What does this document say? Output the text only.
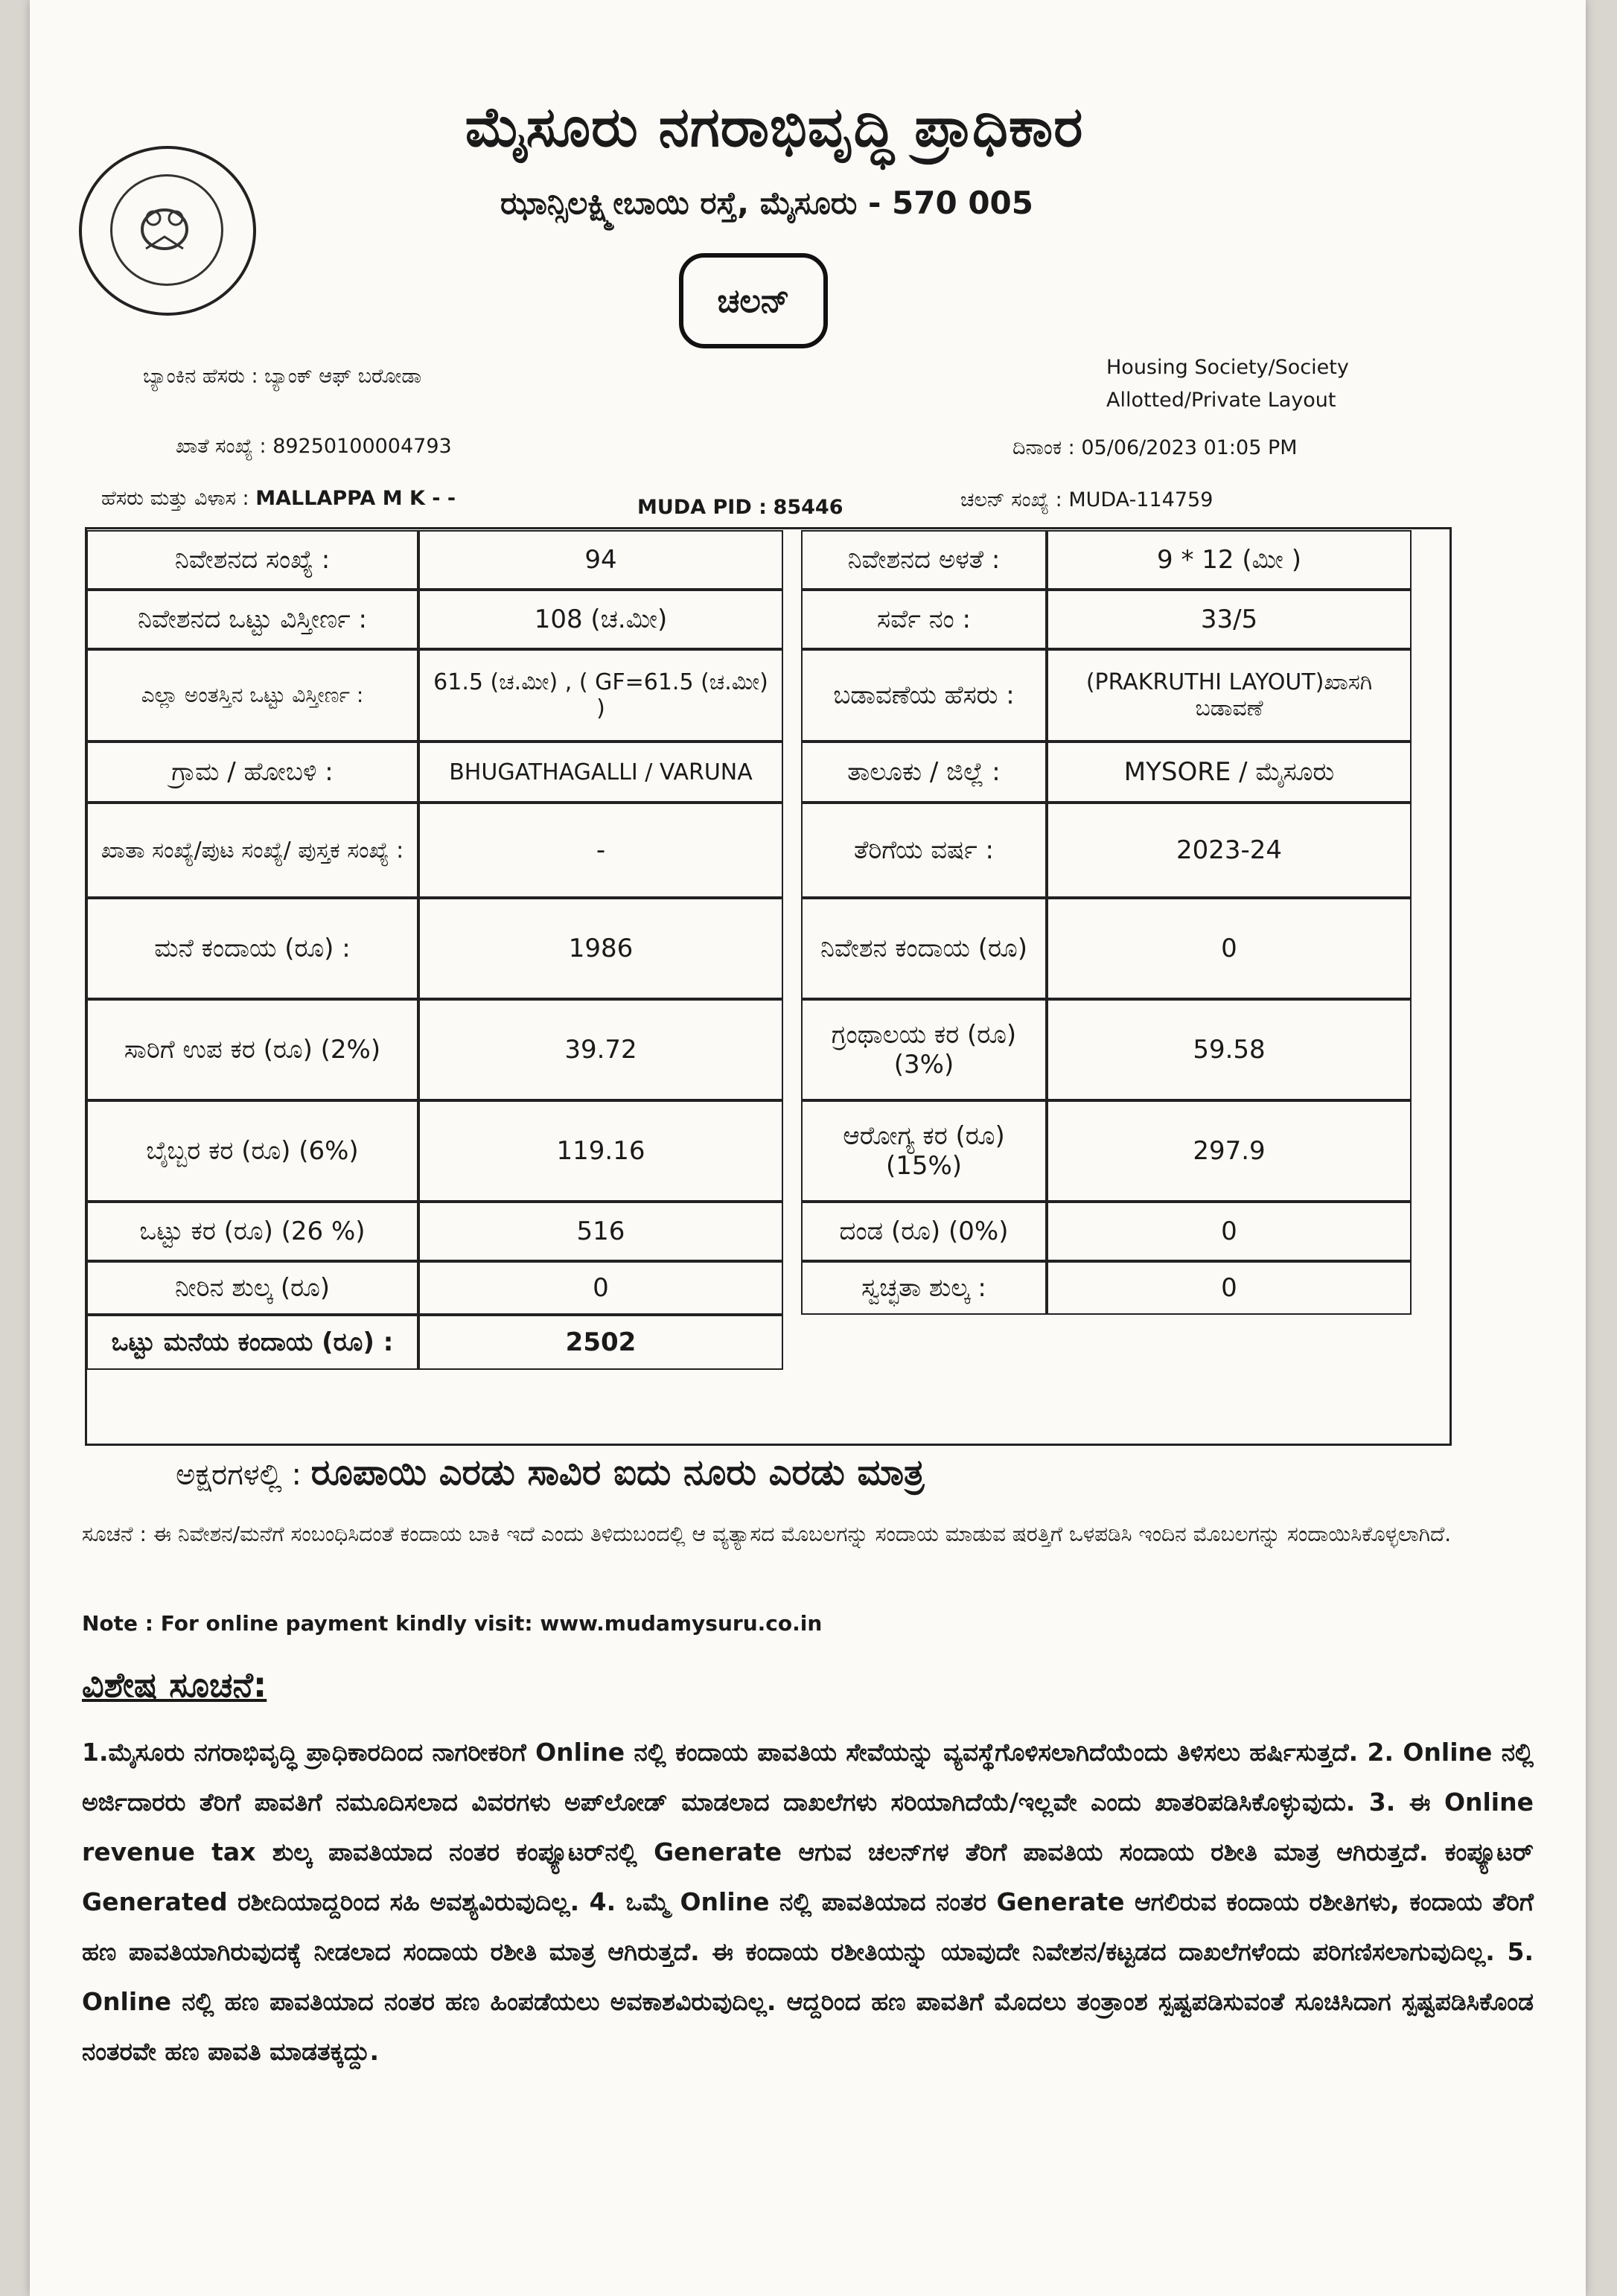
ಮೈಸೂರು ನಗರಾಭಿವೃದ್ಧಿ ಪ್ರಾಧಿಕಾರ
ಝಾನ್ಸಿಲಕ್ಷ್ಮೀಬಾಯಿ ರಸ್ತೆ, ಮೈಸೂರು - 570 005
ಚಲನ್
ಬ್ಯಾಂಕಿನ ಹೆಸರು : ಬ್ಯಾಂಕ್ ಆಫ್ ಬರೋಡಾ	Housing Society/Society
Allotted/Private Layout
ಖಾತೆ ಸಂಖ್ಯೆ : 89250100004793	ದಿನಾಂಕ : 05/06/2023 01:05 PM
ಹೆಸರು ಮತ್ತು ವಿಳಾಸ : MALLAPPA M K - -	MUDA PID : 85446	ಚಲನ್ ಸಂಖ್ಯೆ : MUDA-114759
ನಿವೇಶನದ ಸಂಖ್ಯೆ :	94		ನಿವೇಶನದ ಅಳತೆ :	9 * 12 (ಮೀ )
ನಿವೇಶನದ ಒಟ್ಟು ವಿಸ್ತೀರ್ಣ :	108 (ಚ.ಮೀ)		ಸರ್ವೆ ನಂ :	33/5
ಎಲ್ಲಾ ಅಂತಸ್ತಿನ ಒಟ್ಟು ವಿಸ್ತೀರ್ಣ :	61.5 (ಚ.ಮೀ) , ( GF=61.5 (ಚ.ಮೀ) )		ಬಡಾವಣೆಯ ಹೆಸರು :	(PRAKRUTHI LAYOUT)ಖಾಸಗಿ ಬಡಾವಣೆ
ಗ್ರಾಮ / ಹೋಬಳಿ :	BHUGATHAGALLI / VARUNA		ತಾಲೂಕು / ಜಿಲ್ಲೆ :	MYSORE / ಮೈಸೂರು
ಖಾತಾ ಸಂಖ್ಯೆ/ಪುಟ ಸಂಖ್ಯೆ/ ಪುಸ್ತಕ ಸಂಖ್ಯೆ :	-		ತೆರಿಗೆಯ ವರ್ಷ :	2023-24
ಮನೆ ಕಂದಾಯ (ರೂ) :	1986		ನಿವೇಶನ ಕಂದಾಯ (ರೂ)	0
ಸಾರಿಗೆ ಉಪ ಕರ (ರೂ) (2%)	39.72		ಗ್ರಂಥಾಲಯ ಕರ (ರೂ) (3%)	59.58
ಬೈಬ್ಬರ ಕರ (ರೂ) (6%)	119.16		ಆರೋಗ್ಯ ಕರ (ರೂ) (15%)	297.9
ಒಟ್ಟು ಕರ (ರೂ) (26 %)	516		ದಂಡ (ರೂ) (0%)	0
ನೀರಿನ ಶುಲ್ಕ (ರೂ)	0		ಸ್ವಚ್ಛತಾ ಶುಲ್ಕ :	0
ಒಟ್ಟು ಮನೆಯ ಕಂದಾಯ (ರೂ) :	2502			
ಅಕ್ಷರಗಳಲ್ಲಿ : ರೂಪಾಯಿ ಎರಡು ಸಾವಿರ ಐದು ನೂರು ಎರಡು ಮಾತ್ರ
ಸೂಚನೆ : ಈ ನಿವೇಶನ/ಮನೆಗೆ ಸಂಬಂಧಿಸಿದಂತೆ ಕಂದಾಯ ಬಾಕಿ ಇದೆ ಎಂದು ತಿಳಿದುಬಂದಲ್ಲಿ ಆ ವ್ಯತ್ಯಾಸದ ಮೊಬಲಗನ್ನು ಸಂದಾಯ ಮಾಡುವ ಷರತ್ತಿಗೆ ಒಳಪಡಿಸಿ ಇಂದಿನ ಮೊಬಲಗನ್ನು ಸಂದಾಯಿಸಿಕೊಳ್ಳಲಾಗಿದೆ.
Note : For online payment kindly visit: www.mudamysuru.co.in
ವಿಶೇಷ ಸೂಚನೆ:
1.ಮೈಸೂರು ನಗರಾಭಿವೃದ್ಧಿ ಪ್ರಾಧಿಕಾರದಿಂದ ನಾಗರೀಕರಿಗೆ Online ನಲ್ಲಿ ಕಂದಾಯ ಪಾವತಿಯ ಸೇವೆಯನ್ನು ವ್ಯವಸ್ಥೆಗೊಳಿಸಲಾಗಿದೆಯೆಂದು ತಿಳಿಸಲು ಹರ್ಷಿಸುತ್ತದೆ. 2. Online ನಲ್ಲಿ ಅರ್ಜಿದಾರರು ತೆರಿಗೆ ಪಾವತಿಗೆ ನಮೂದಿಸಲಾದ ವಿವರಗಳು ಅಪ್‌ಲೋಡ್ ಮಾಡಲಾದ ದಾಖಲೆಗಳು ಸರಿಯಾಗಿದೆಯೆ/ಇಲ್ಲವೇ ಎಂದು ಖಾತರಿಪಡಿಸಿಕೊಳ್ಳುವುದು. 3. ಈ Online revenue tax ಶುಲ್ಕ ಪಾವತಿಯಾದ ನಂತರ ಕಂಪ್ಯೂಟರ್‌ನಲ್ಲಿ Generate ಆಗುವ ಚಲನ್‌ಗಳ ತೆರಿಗೆ ಪಾವತಿಯ ಸಂದಾಯ ರಶೀತಿ ಮಾತ್ರ ಆಗಿರುತ್ತದೆ. ಕಂಪ್ಯೂಟರ್ Generated ರಶೀದಿಯಾದ್ದರಿಂದ ಸಹಿ ಅವಶ್ಯವಿರುವುದಿಲ್ಲ. 4. ಒಮ್ಮೆ Online ನಲ್ಲಿ ಪಾವತಿಯಾದ ನಂತರ Generate ಆಗಲಿರುವ ಕಂದಾಯ ರಶೀತಿಗಳು, ಕಂದಾಯ ತೆರಿಗೆ ಹಣ ಪಾವತಿಯಾಗಿರುವುದಕ್ಕೆ ನೀಡಲಾದ ಸಂದಾಯ ರಶೀತಿ ಮಾತ್ರ ಆಗಿರುತ್ತದೆ. ಈ ಕಂದಾಯ ರಶೀತಿಯನ್ನು ಯಾವುದೇ ನಿವೇಶನ/ಕಟ್ಟಡದ ದಾಖಲೆಗಳೆಂದು ಪರಿಗಣಿಸಲಾಗುವುದಿಲ್ಲ. 5. Online ನಲ್ಲಿ ಹಣ ಪಾವತಿಯಾದ ನಂತರ ಹಣ ಹಿಂಪಡೆಯಲು ಅವಕಾಶವಿರುವುದಿಲ್ಲ. ಆದ್ದರಿಂದ ಹಣ ಪಾವತಿಗೆ ಮೊದಲು ತಂತ್ರಾಂಶ ಸ್ಪಷ್ಟಪಡಿಸುವಂತೆ ಸೂಚಿಸಿದಾಗ ಸ್ಪಷ್ಟಪಡಿಸಿಕೊಂಡ ನಂತರವೇ ಹಣ ಪಾವತಿ ಮಾಡತಕ್ಕದ್ದು.
